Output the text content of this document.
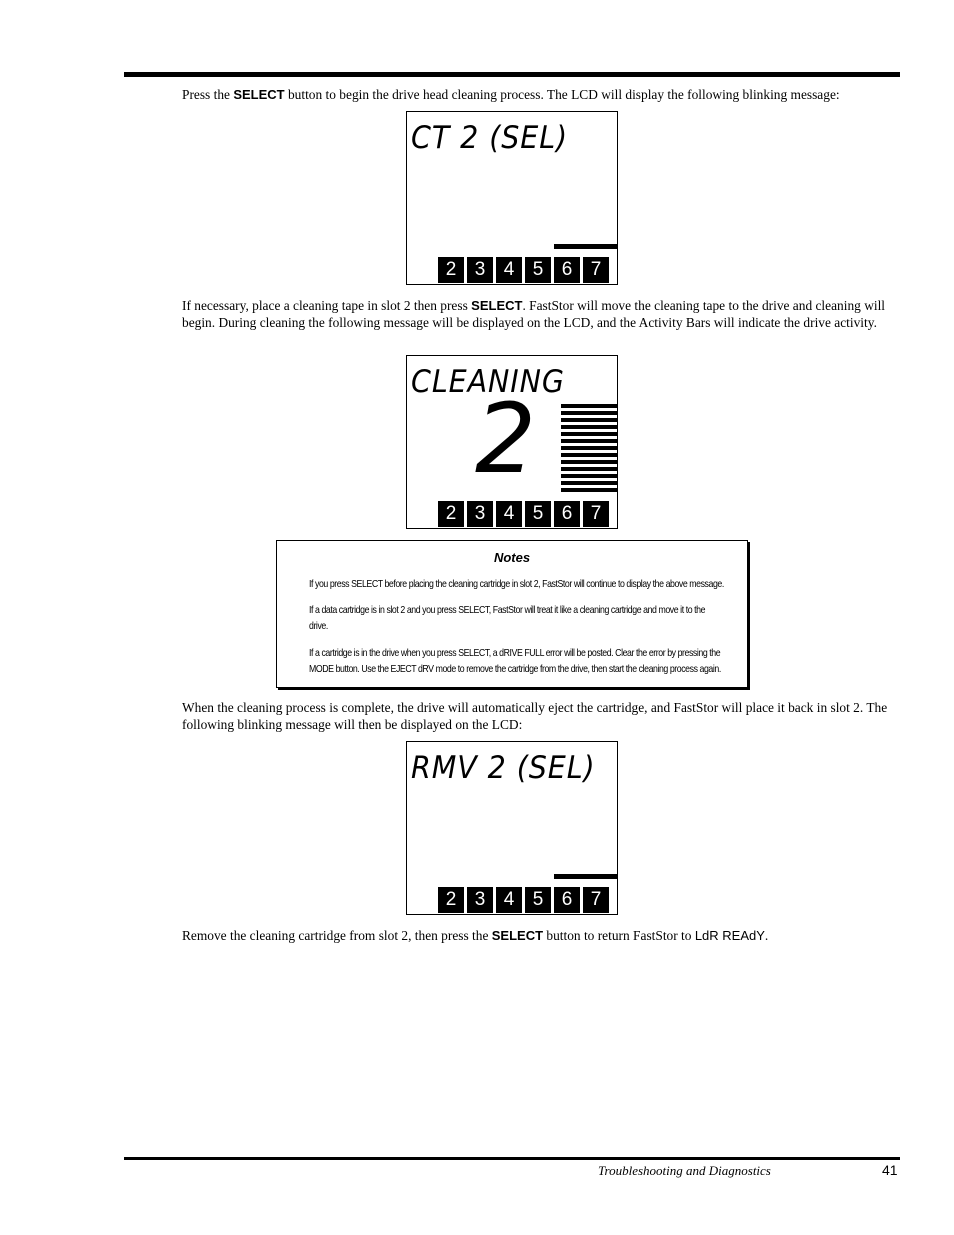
Press the SELECT button to begin the drive head cleaning process. The LCD will display the following blinking message:

CT 2 (SEL)
2 3 4 5 6 7

If necessary, place a cleaning tape in slot 2 then press SELECT. FastStor will move the cleaning tape to the drive and cleaning will begin. During cleaning the following message will be displayed on the LCD, and the Activity Bars will indicate the drive activity.

CLEANING
2
2 3 4 5 6 7
Notes

If you press SELECT before placing the cleaning cartridge in slot 2, FastStor will continue to display the above message.

If a data cartridge is in slot 2 and you press SELECT, FastStor will treat it like a cleaning cartridge and move it to the drive.

If a cartridge is in the drive when you press SELECT, a dRIVE FULL error will be posted. Clear the error by pressing the MODE button. Use the EJECT dRV mode to remove the cartridge from the drive, then start the cleaning process again.

When the cleaning process is complete, the drive will automatically eject the cartridge, and FastStor will place it back in slot 2. The following blinking message will then be displayed on the LCD:

RMV 2 (SEL)
2 3 4 5 6 7

Remove the cleaning cartridge from slot 2, then press the SELECT button to return FastStor to LdR REAdY.

Troubleshooting and Diagnostics	41
